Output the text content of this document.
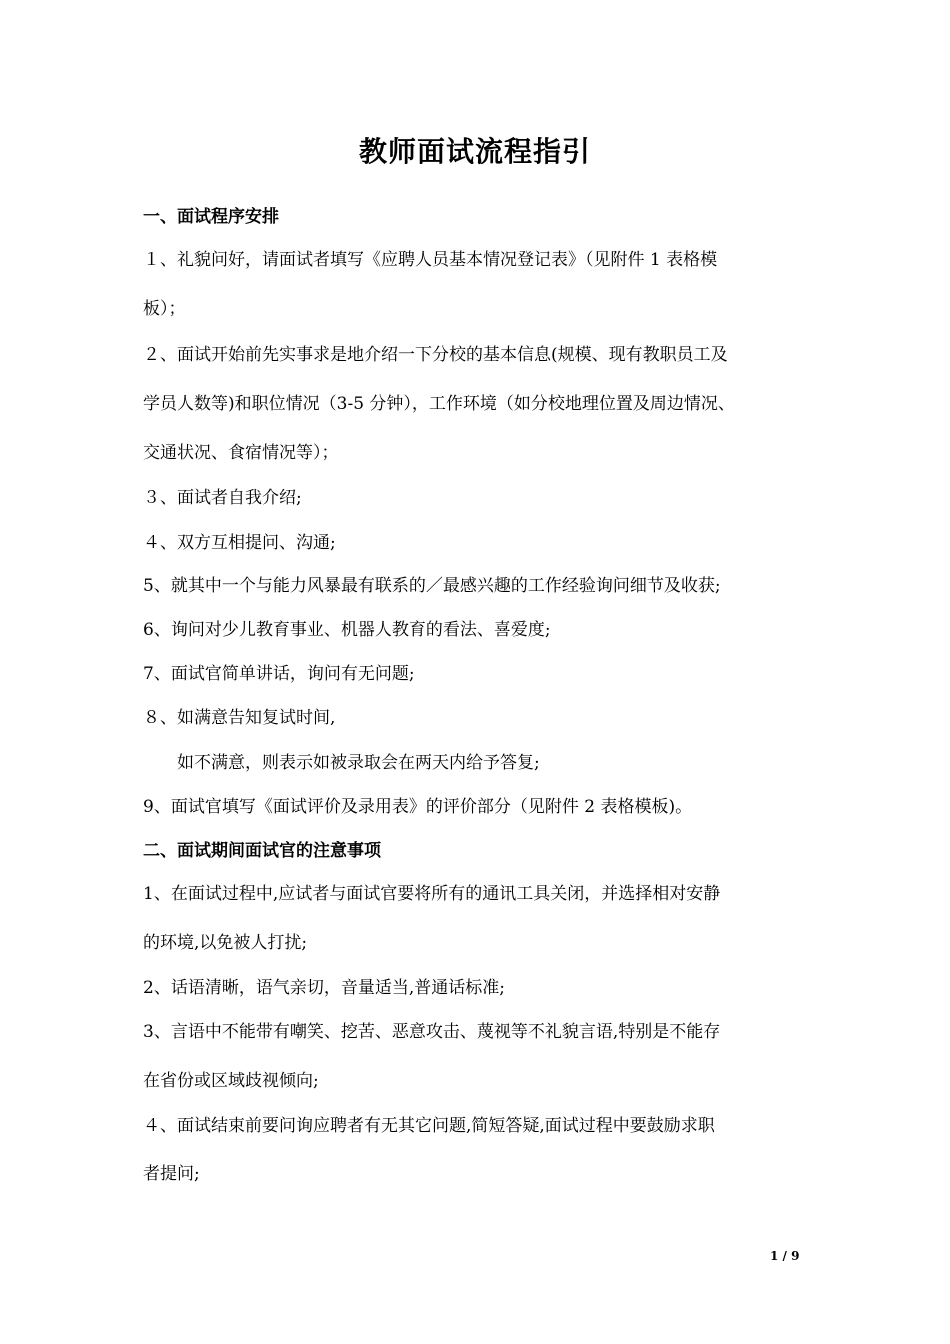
教师面试流程指引
一、面试程序安排
１、礼貌问好，请面试者填写《应聘人员基本情况登记表》（见附件 1 表格模
板）；
２、面试开始前先实事求是地介绍一下分校的基本信息(规模、现有教职员工及
学员人数等)和职位情况（3-5 分钟），工作环境（如分校地理位置及周边情况、
交通状况、食宿情况等）；
３、面试者自我介绍;
４、双方互相提问、沟通;
5、就其中一个与能力风暴最有联系的／最感兴趣的工作经验询问细节及收获;
6、询问对少儿教育事业、机器人教育的看法、喜爱度;
7、面试官简单讲话，询问有无问题;
８、如满意告知复试时间,
　　如不满意，则表示如被录取会在两天内给予答复;
9、面试官填写《面试评价及录用表》的评价部分（见附件 2 表格模板)。
二、面试期间面试官的注意事项
1、在面试过程中,应试者与面试官要将所有的通讯工具关闭，并选择相对安静
的环境,以免被人打扰;
2、话语清晰，语气亲切，音量适当,普通话标准;
3、言语中不能带有嘲笑、挖苦、恶意攻击、蔑视等不礼貌言语,特别是不能存
在省份或区域歧视倾向;
４、面试结束前要问询应聘者有无其它问题,简短答疑,面试过程中要鼓励求职
者提问;
1 / 9
